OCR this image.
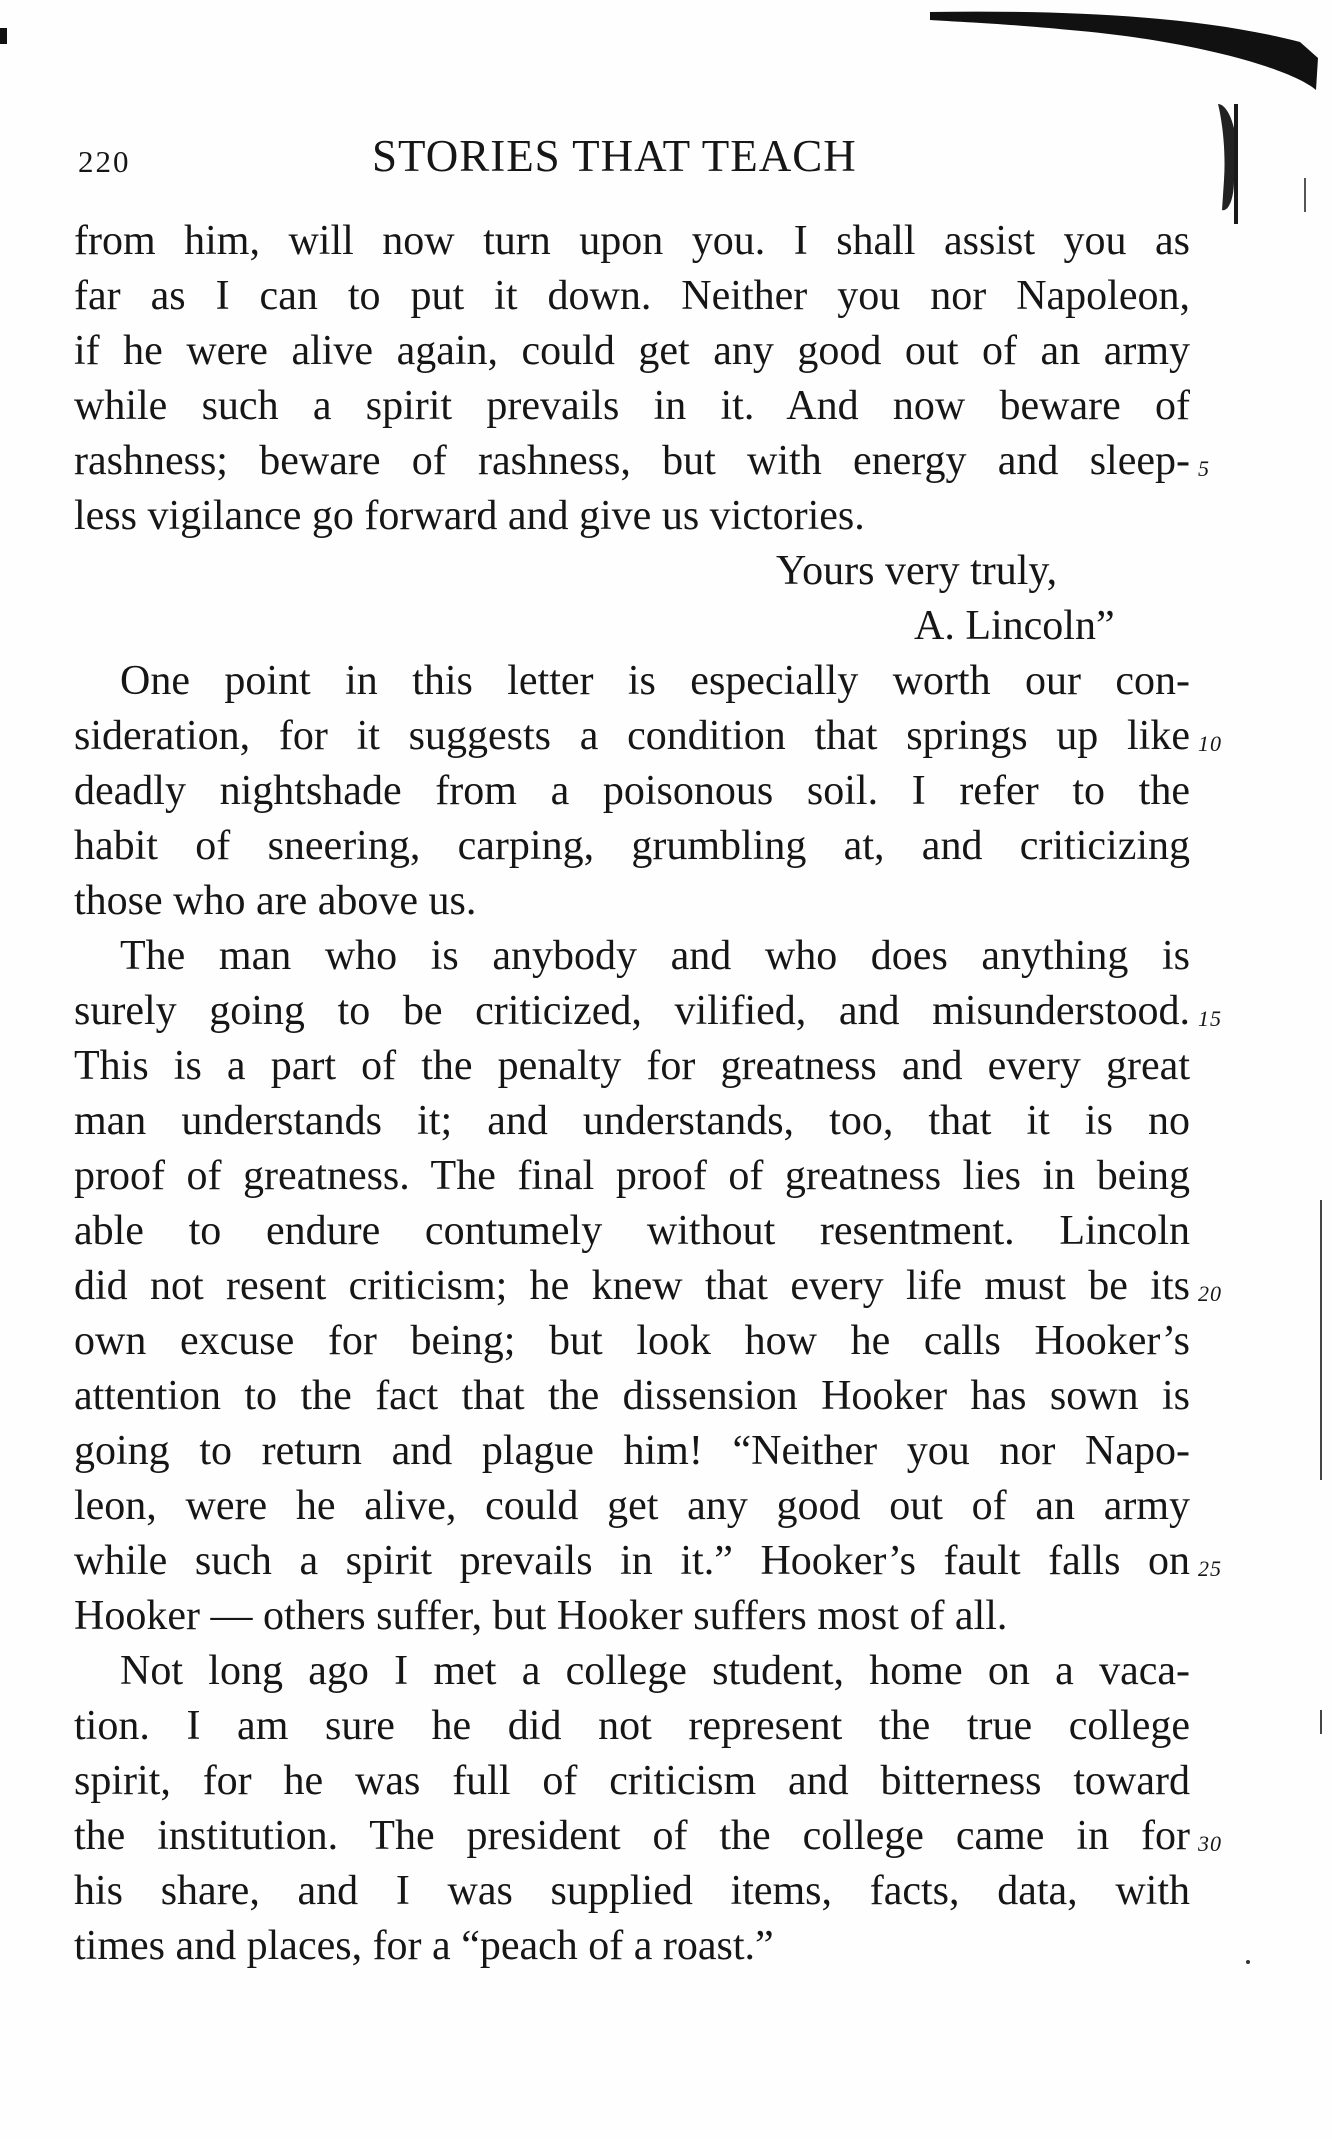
220	STORIES THAT TEACH
from him, will now turn upon you. I shall assist you as
far as I can to put it down. Neither you nor Napoleon,
if he were alive again, could get any good out of an army
while such a spirit prevails in it. And now beware of
rashness; beware of rashness, but with energy and sleep-
less vigilance go forward and give us victories.
Yours very truly,
A. Lincoln”
One point in this letter is especially worth our con-
sideration, for it suggests a condition that springs up like
deadly nightshade from a poisonous soil. I refer to the
habit of sneering, carping, grumbling at, and criticizing
those who are above us.
The man who is anybody and who does anything is
surely going to be criticized, vilified, and misunderstood.
This is a part of the penalty for greatness and every great
man understands it; and understands, too, that it is no
proof of greatness. The final proof of greatness lies in being
able to endure contumely without resentment. Lincoln
did not resent criticism; he knew that every life must be its
own excuse for being; but look how he calls Hooker’s
attention to the fact that the dissension Hooker has sown is
going to return and plague him! “Neither you nor Napo-
leon, were he alive, could get any good out of an army
while such a spirit prevails in it.” Hooker’s fault falls on
Hooker — others suffer, but Hooker suffers most of all.
Not long ago I met a college student, home on a vaca-
tion. I am sure he did not represent the true college
spirit, for he was full of criticism and bitterness toward
the institution. The president of the college came in for
his share, and I was supplied items, facts, data, with
times and places, for a “peach of a roast.”
5
10
15
20
25
30
